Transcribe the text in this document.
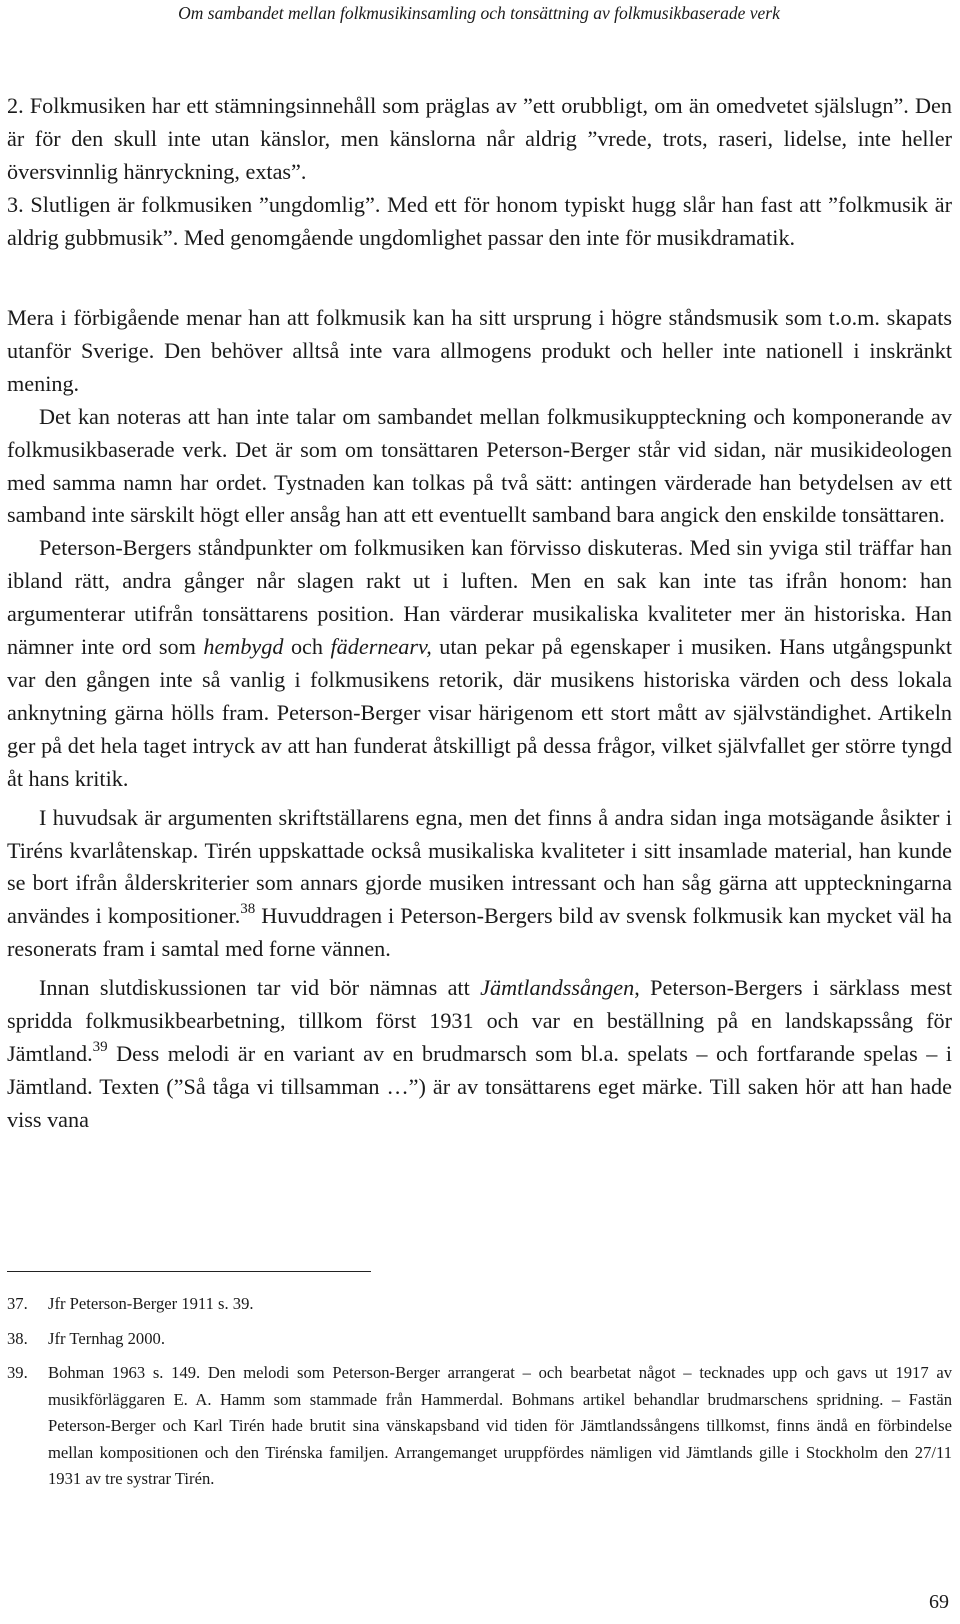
Om sambandet mellan folkmusikinsamling och tonsättning av folkmusikbaserade verk

2. Folkmusiken har ett stämningsinnehåll som präglas av ”ett orubbligt, om än omedvetet själslugn”. Den är för den skull inte utan känslor, men känslorna når aldrig ”vrede, trots, raseri, lidelse, inte heller översvinnlig hänryckning, extas”.

3. Slutligen är folkmusiken ”ungdomlig”. Med ett för honom typiskt hugg slår han fast att ”folkmusik är aldrig gubbmusik”. Med genomgående ungdomlighet passar den inte för musikdramatik.

Mera i förbigående menar han att folkmusik kan ha sitt ursprung i högre ståndsmusik som t.o.m. skapats utanför Sverige. Den behöver alltså inte vara allmogens produkt och heller inte nationell i inskränkt mening.

Det kan noteras att han inte talar om sambandet mellan folkmusikuppteckning och komponerande av folkmusikbaserade verk. Det är som om tonsättaren Peterson-Berger står vid sidan, när musikideologen med samma namn har ordet. Tystnaden kan tolkas på två sätt: antingen värderade han betydelsen av ett samband inte särskilt högt eller ansåg han att ett eventuellt samband bara angick den enskilde tonsättaren.

Peterson-Bergers ståndpunkter om folkmusiken kan förvisso diskuteras. Med sin yviga stil träffar han ibland rätt, andra gånger når slagen rakt ut i luften. Men en sak kan inte tas ifrån honom: han argumenterar utifrån tonsättarens position. Han värderar musikaliska kvaliteter mer än historiska. Han nämner inte ord som hembygd och fädernearv, utan pekar på egenskaper i musiken. Hans utgångspunkt var den gången inte så vanlig i folkmusikens retorik, där musikens historiska värden och dess lokala anknytning gärna hölls fram. Peterson-Berger visar härigenom ett stort mått av självständighet. Artikeln ger på det hela taget intryck av att han funderat åtskilligt på dessa frågor, vilket självfallet ger större tyngd åt hans kritik.

I huvudsak är argumenten skriftställarens egna, men det finns å andra sidan inga motsägande åsikter i Tiréns kvarlåtenskap. Tirén uppskattade också musikaliska kvaliteter i sitt insamlade material, han kunde se bort ifrån ålderskriterier som annars gjorde musiken intressant och han såg gärna att uppteckningarna användes i kompositioner.$^{38}$ Huvuddragen i Peterson-Bergers bild av svensk folkmusik kan mycket väl ha resonerats fram i samtal med forne vännen.

Innan slutdiskussionen tar vid bör nämnas att Jämtlandssången, Peterson-Bergers i särklass mest spridda folkmusikbearbetning, tillkom först 1931 och var en beställning på en landskapssång för Jämtland.$^{39}$ Dess melodi är en variant av en brudmarsch som bl.a. spelats – och fortfarande spelas – i Jämtland. Texten (”Så tåga vi tillsamman …”) är av tonsättarens eget märke. Till saken hör att han hade viss vana

37.	Jfr Peterson-Berger 1911 s. 39.
38.	Jfr Ternhag 2000.
39.	Bohman 1963 s. 149. Den melodi som Peterson-Berger arrangerat – och bearbetat något – tecknades upp och gavs ut 1917 av musikförläggaren E. A. Hamm som stammade från Hammerdal. Bohmans artikel behandlar brudmarschens spridning. – Fastän Peterson-Berger och Karl Tirén hade brutit sina vänskapsband vid tiden för Jämtlandssångens tillkomst, finns ändå en förbindelse mellan kompositionen och den Tirénska familjen. Arrangemanget uruppfördes nämligen vid Jämtlands gille i Stockholm den 27/11 1931 av tre systrar Tirén.
69
